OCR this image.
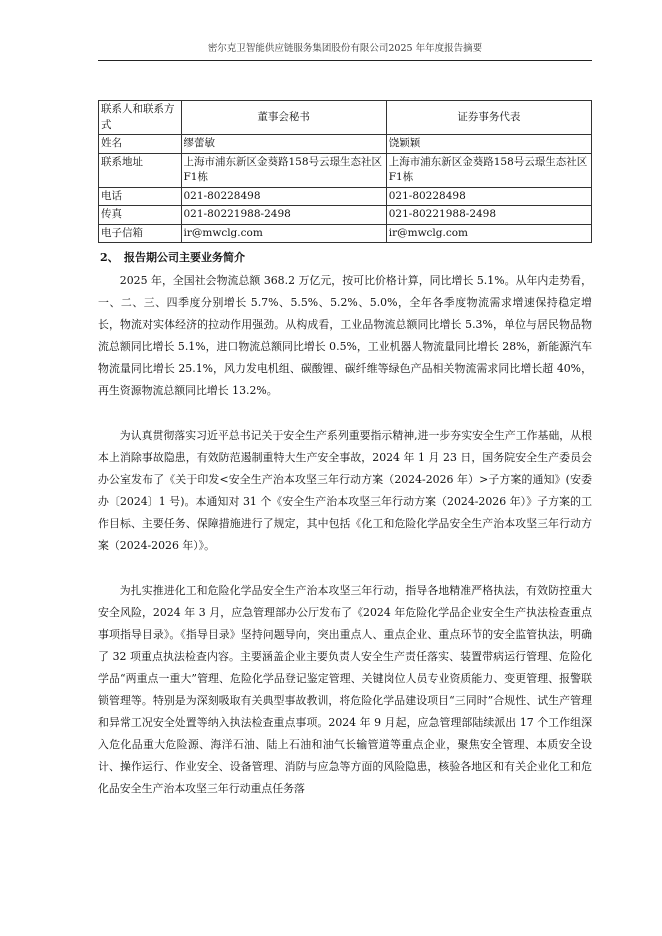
密尔克卫智能供应链服务集团股份有限公司2025 年年度报告摘要
联系人和联系方式	董事会秘书	证券事务代表
姓名	缪蕾敏	饶颖颖
联系地址	上海市浦东新区金葵路158号云璟生态社区F1栋	上海市浦东新区金葵路158号云璟生态社区F1栋
电话	021-80228498	021-80228498
传真	021-80221988-2498	021-80221988-2498
电子信箱	ir@mwclg.com	ir@mwclg.com
2、 报告期公司主要业务简介

2025 年，全国社会物流总额 368.2 万亿元，按可比价格计算，同比增长 5.1%。从年内走势看，一、二、三、四季度分别增长 5.7%、5.5%、5.2%、5.0%，全年各季度物流需求增速保持稳定增长，物流对实体经济的拉动作用强劲。从构成看，工业品物流总额同比增长 5.3%，单位与居民物品物流总额同比增长 5.1%，进口物流总额同比增长 0.5%，工业机器人物流量同比增长 28%，新能源汽车物流量同比增长 25.1%，风力发电机组、碳酸锂、碳纤维等绿色产品相关物流需求同比增长超 40%，再生资源物流总额同比增长 13.2%。

为认真贯彻落实习近平总书记关于安全生产系列重要指示精神,进一步夯实安全生产工作基础，从根本上消除事故隐患，有效防范遏制重特大生产安全事故，2024 年 1 月 23 日，国务院安全生产委员会办公室发布了《关于印发<安全生产治本攻坚三年行动方案（2024-2026 年）>子方案的通知》(安委办〔2024〕1 号)。本通知对 31 个《安全生产治本攻坚三年行动方案（2024-2026 年）》子方案的工作目标、主要任务、保障措施进行了规定，其中包括《化工和危险化学品安全生产治本攻坚三年行动方案（2024-2026 年）》。

为扎实推进化工和危险化学品安全生产治本攻坚三年行动，指导各地精准严格执法，有效防控重大安全风险，2024 年 3 月，应急管理部办公厅发布了《2024 年危险化学品企业安全生产执法检查重点事项指导目录》。《指导目录》坚持问题导向，突出重点人、重点企业、重点环节的安全监管执法，明确了 32 项重点执法检查内容。主要涵盖企业主要负责人安全生产责任落实、装置带病运行管理、危险化学品“两重点一重大”管理、危险化学品登记鉴定管理、关键岗位人员专业资质能力、变更管理、报警联锁管理等。特别是为深刻吸取有关典型事故教训，将危险化学品建设项目“三同时”合规性、试生产管理和异常工况安全处置等纳入执法检查重点事项。2024 年 9 月起，应急管理部陆续派出 17 个工作组深入危化品重大危险源、海洋石油、陆上石油和油气长输管道等重点企业，聚焦安全管理、本质安全设计、操作运行、作业安全、设备管理、消防与应急等方面的风险隐患，核验各地区和有关企业化工和危化品安全生产治本攻坚三年行动重点任务落
